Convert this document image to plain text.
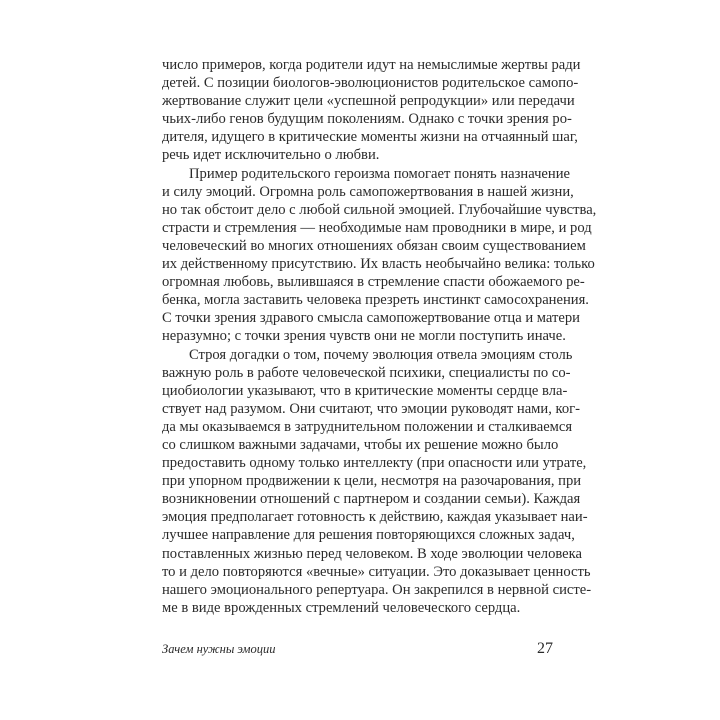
число примеров, когда родители идут на немыслимые жертвы ради
детей. С позиции биологов-эволюционистов родительское самопо-
жертвование служит цели «успешной репродукции» или передачи
чьих-либо генов будущим поколениям. Однако с точки зрения ро-
дителя, идущего в критические моменты жизни на отчаянный шаг,
речь идет исключительно о любви.
Пример родительского героизма помогает понять назначение
и силу эмоций. Огромна роль самопожертвования в нашей жизни,
но так обстоит дело с любой сильной эмоцией. Глубочайшие чувства,
страсти и стремления — необходимые нам проводники в мире, и род
человеческий во многих отношениях обязан своим существованием
их действенному присутствию. Их власть необычайно велика: только
огромная любовь, вылившаяся в стремление спасти обожаемого ре-
бенка, могла заставить человека презреть инстинкт самосохранения.
С точки зрения здравого смысла самопожертвование отца и матери
неразумно; с точки зрения чувств они не могли поступить иначе.
Строя догадки о том, почему эволюция отвела эмоциям столь
важную роль в работе человеческой психики, специалисты по со-
циобиологии указывают, что в критические моменты сердце вла-
ствует над разумом. Они считают, что эмоции руководят нами, ког-
да мы оказываемся в затруднительном положении и сталкиваемся
со слишком важными задачами, чтобы их решение можно было
предоставить одному только интеллекту (при опасности или утрате,
при упорном продвижении к цели, несмотря на разочарования, при
возникновении отношений с партнером и создании семьи). Каждая
эмоция предполагает готовность к действию, каждая указывает наи-
лучшее направление для решения повторяющихся сложных задач,
поставленных жизнью перед человеком. В ходе эволюции человека
то и дело повторяются «вечные» ситуации. Это доказывает ценность
нашего эмоционального репертуара. Он закрепился в нервной систе-
ме в виде врожденных стремлений человеческого сердца.
Зачем нужны эмоции	27
